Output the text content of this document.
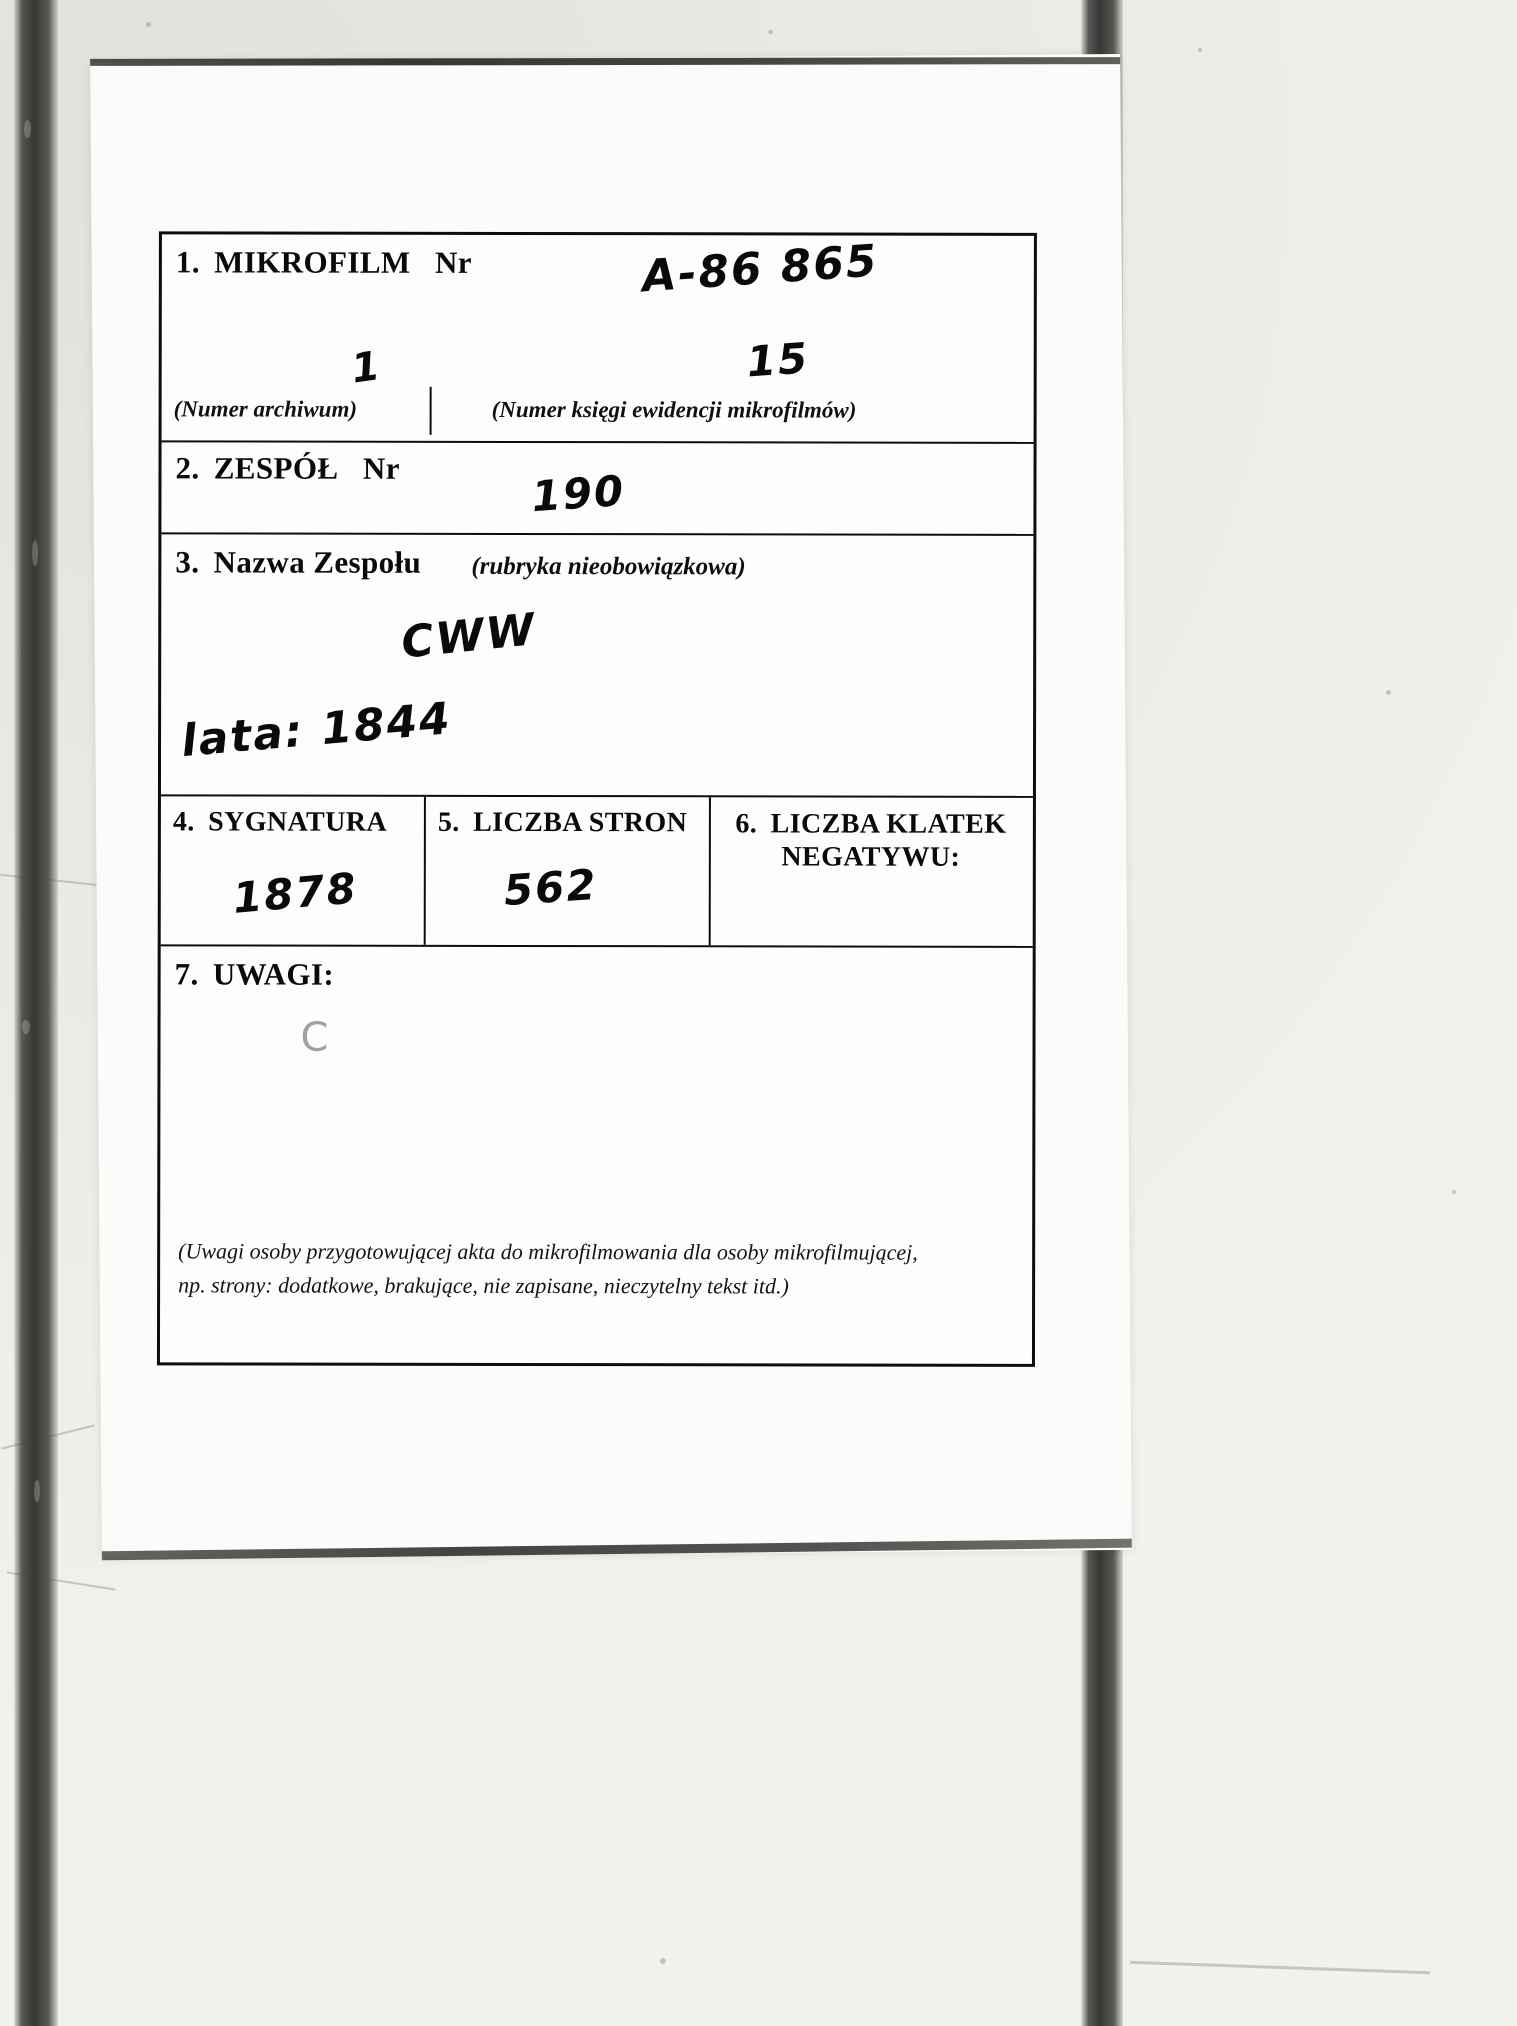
1. MIKROFILM Nr	A-86 865
1
(Numer archiwum)
15
(Numer księgi ewidencji mikrofilmów)
2. ZESPÓŁ Nr	190
3. Nazwa Zespołu (rubryka nieobowiązkowa)
CWW
lata: 1844
4. SYGNATURA
1878
5. LICZBA STRON
562
6. LICZBA KLATEK NEGATYWU:
7. UWAGI:
C
(Uwagi osoby przygotowującej akta do mikrofilmowania dla osoby mikrofilmującej,
np. strony: dodatkowe, brakujące, nie zapisane, nieczytelny tekst itd.)
